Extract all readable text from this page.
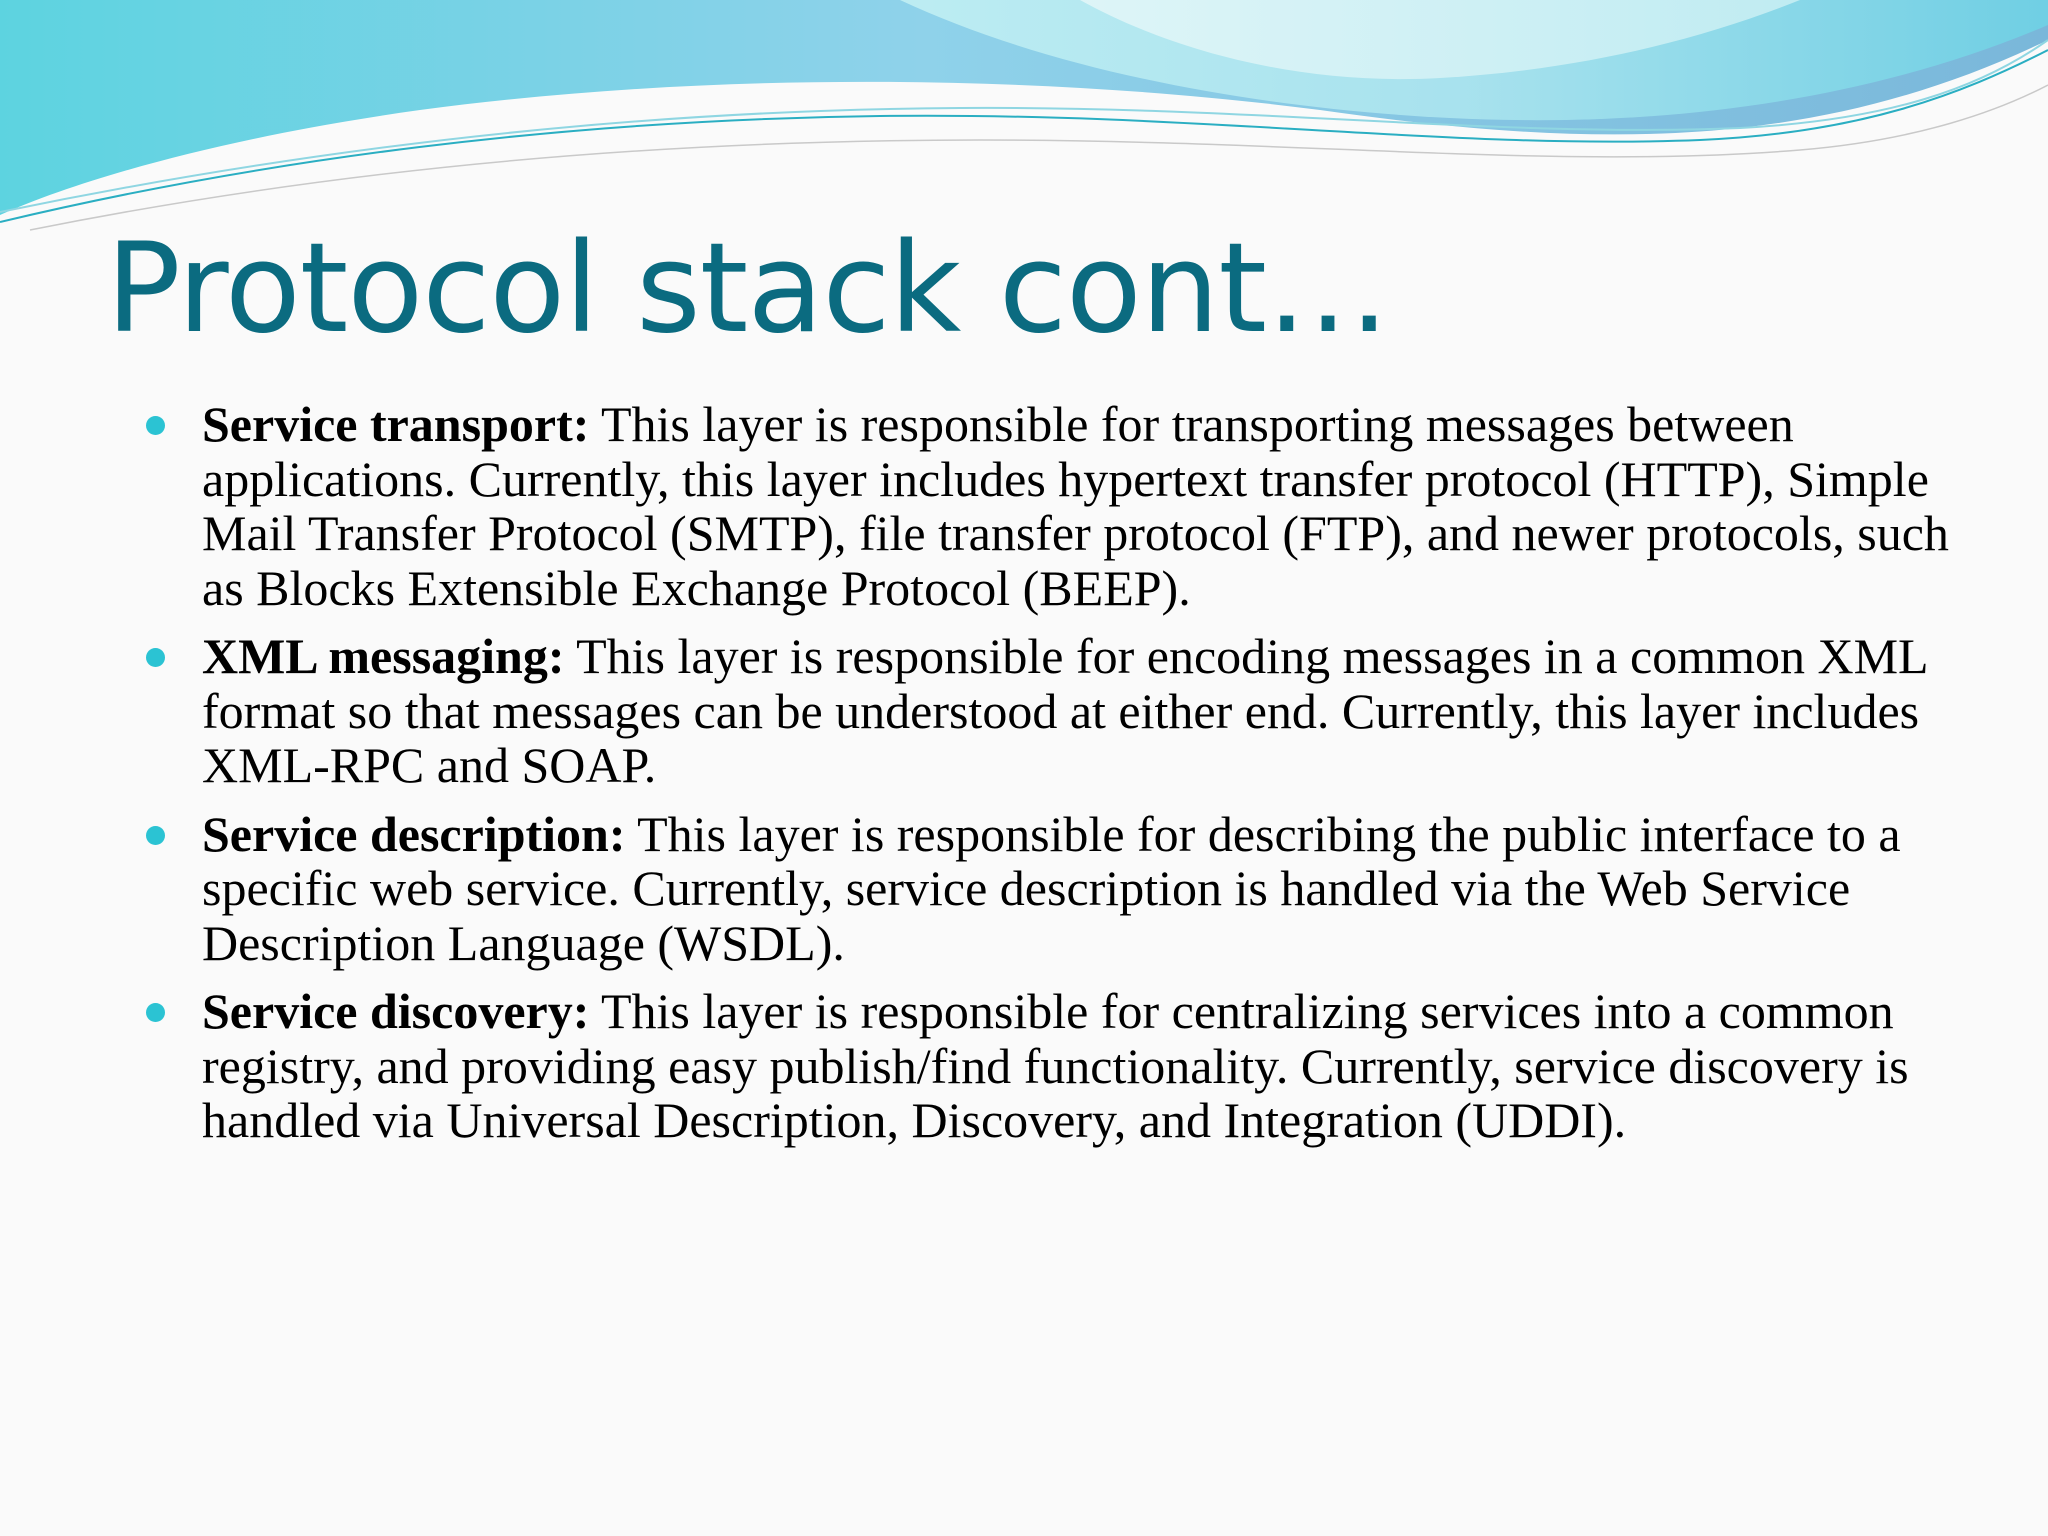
Protocol stack cont…
Service transport: This layer is responsible for transporting messages between applications. Currently, this layer includes hypertext transfer protocol (HTTP), Simple Mail Transfer Protocol (SMTP), file transfer protocol (FTP), and newer protocols, such as Blocks Extensible Exchange Protocol (BEEP).
XML messaging: This layer is responsible for encoding messages in a common XML format so that messages can be understood at either end. Currently, this layer includes XML-RPC and SOAP.
Service description: This layer is responsible for describing the public interface to a specific web service. Currently, service description is handled via the Web Service Description Language (WSDL).
Service discovery: This layer is responsible for centralizing services into a common registry, and providing easy publish/find functionality. Currently, service discovery is handled via Universal Description, Discovery, and Integration (UDDI).
